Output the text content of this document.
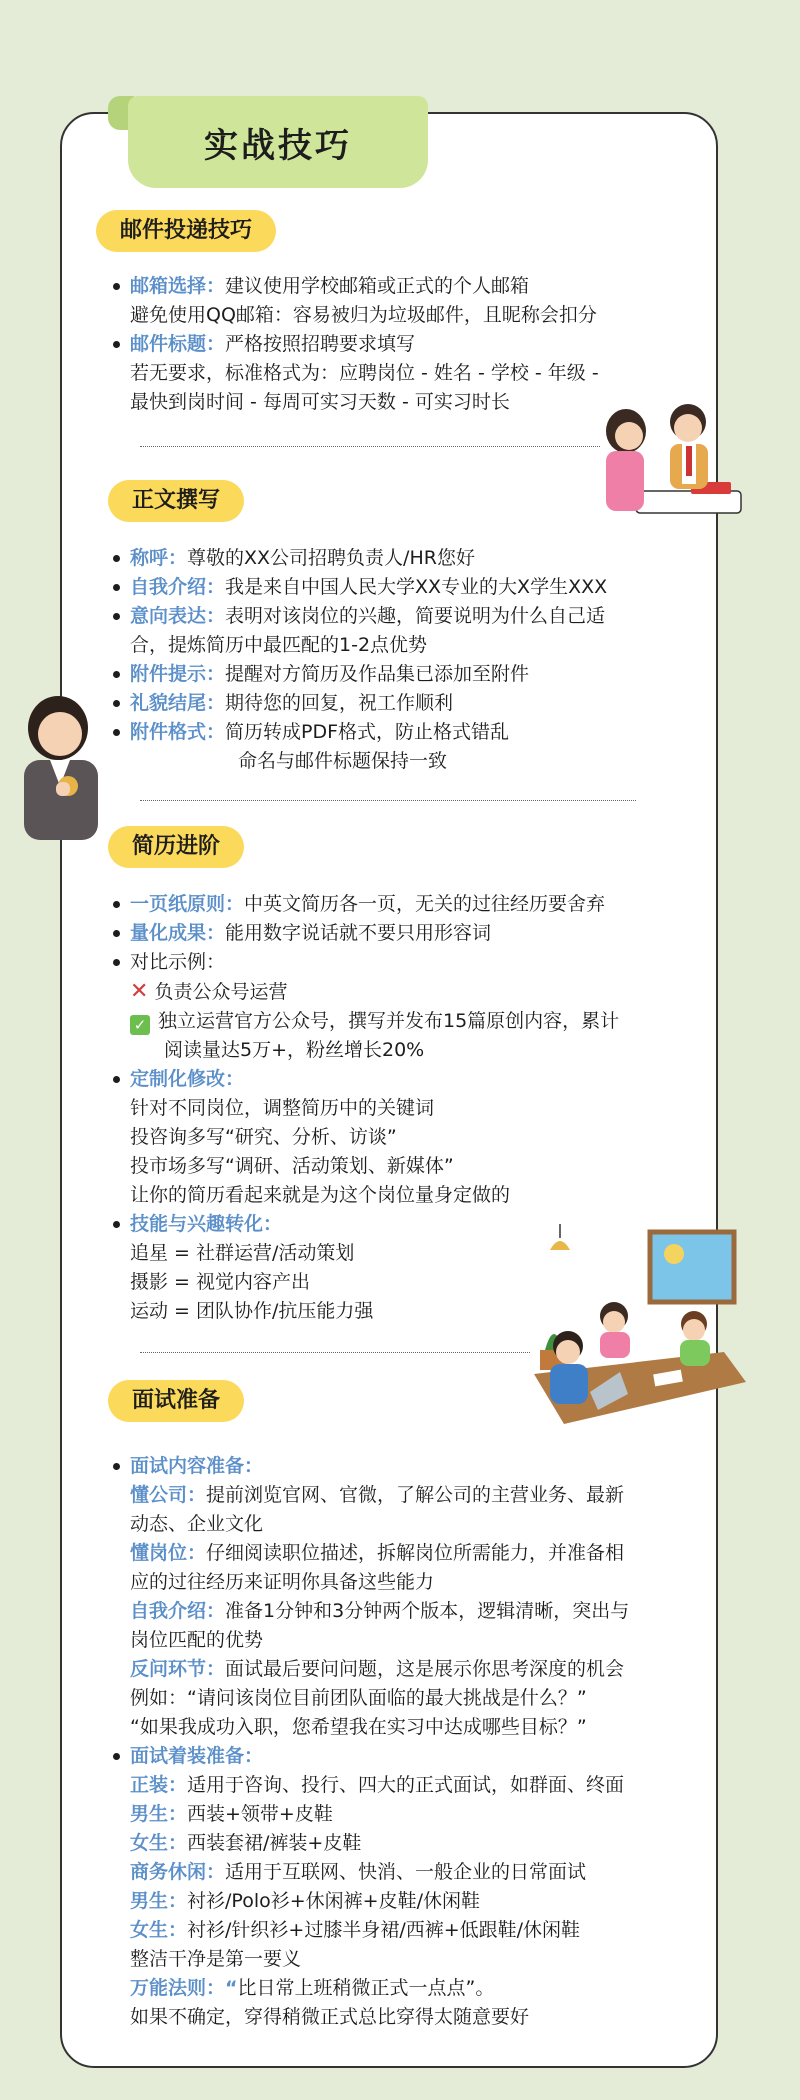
实战技巧
邮件投递技巧
邮箱选择：建议使用学校邮箱或正式的个人邮箱
避免使用QQ邮箱：容易被归为垃圾邮件，且昵称会扣分
邮件标题：严格按照招聘要求填写
若无要求，标准格式为：应聘岗位 - 姓名 - 学校 - 年级 -
最快到岗时间 - 每周可实习天数 - 可实习时长
正文撰写
称呼：尊敬的XX公司招聘负责人/HR您好
自我介绍：我是来自中国人民大学XX专业的大X学生XXX
意向表达：表明对该岗位的兴趣，简要说明为什么自己适
合，提炼简历中最匹配的1-2点优势
附件提示：提醒对方简历及作品集已添加至附件
礼貌结尾：期待您的回复，祝工作顺利
附件格式：简历转成PDF格式，防止格式错乱
命名与邮件标题保持一致
简历进阶
一页纸原则：中英文简历各一页，无关的过往经历要舍弃
量化成果：能用数字说话就不要只用形容词
对比示例：
✕ 负责公众号运营
✓ 独立运营官方公众号，撰写并发布15篇原创内容，累计
阅读量达5万+，粉丝增长20%
定制化修改：
针对不同岗位，调整简历中的关键词
投咨询多写“研究、分析、访谈”
投市场多写“调研、活动策划、新媒体”
让你的简历看起来就是为这个岗位量身定做的
技能与兴趣转化：
追星 = 社群运营/活动策划
摄影 = 视觉内容产出
运动 = 团队协作/抗压能力强
面试准备
面试内容准备：
懂公司：提前浏览官网、官微，了解公司的主营业务、最新
动态、企业文化
懂岗位：仔细阅读职位描述，拆解岗位所需能力，并准备相
应的过往经历来证明你具备这些能力
自我介绍：准备1分钟和3分钟两个版本，逻辑清晰，突出与
岗位匹配的优势
反问环节：面试最后要问问题，这是展示你思考深度的机会
例如：“请问该岗位目前团队面临的最大挑战是什么？”
“如果我成功入职，您希望我在实习中达成哪些目标？”
面试着装准备：
正装：适用于咨询、投行、四大的正式面试，如群面、终面
男生：西装+领带+皮鞋
女生：西装套裙/裤装+皮鞋
商务休闲：适用于互联网、快消、一般企业的日常面试
男生：衬衫/Polo衫+休闲裤+皮鞋/休闲鞋
女生：衬衫/针织衫+过膝半身裙/西裤+低跟鞋/休闲鞋
整洁干净是第一要义
万能法则：“比日常上班稍微正式一点点”。
如果不确定，穿得稍微正式总比穿得太随意要好
